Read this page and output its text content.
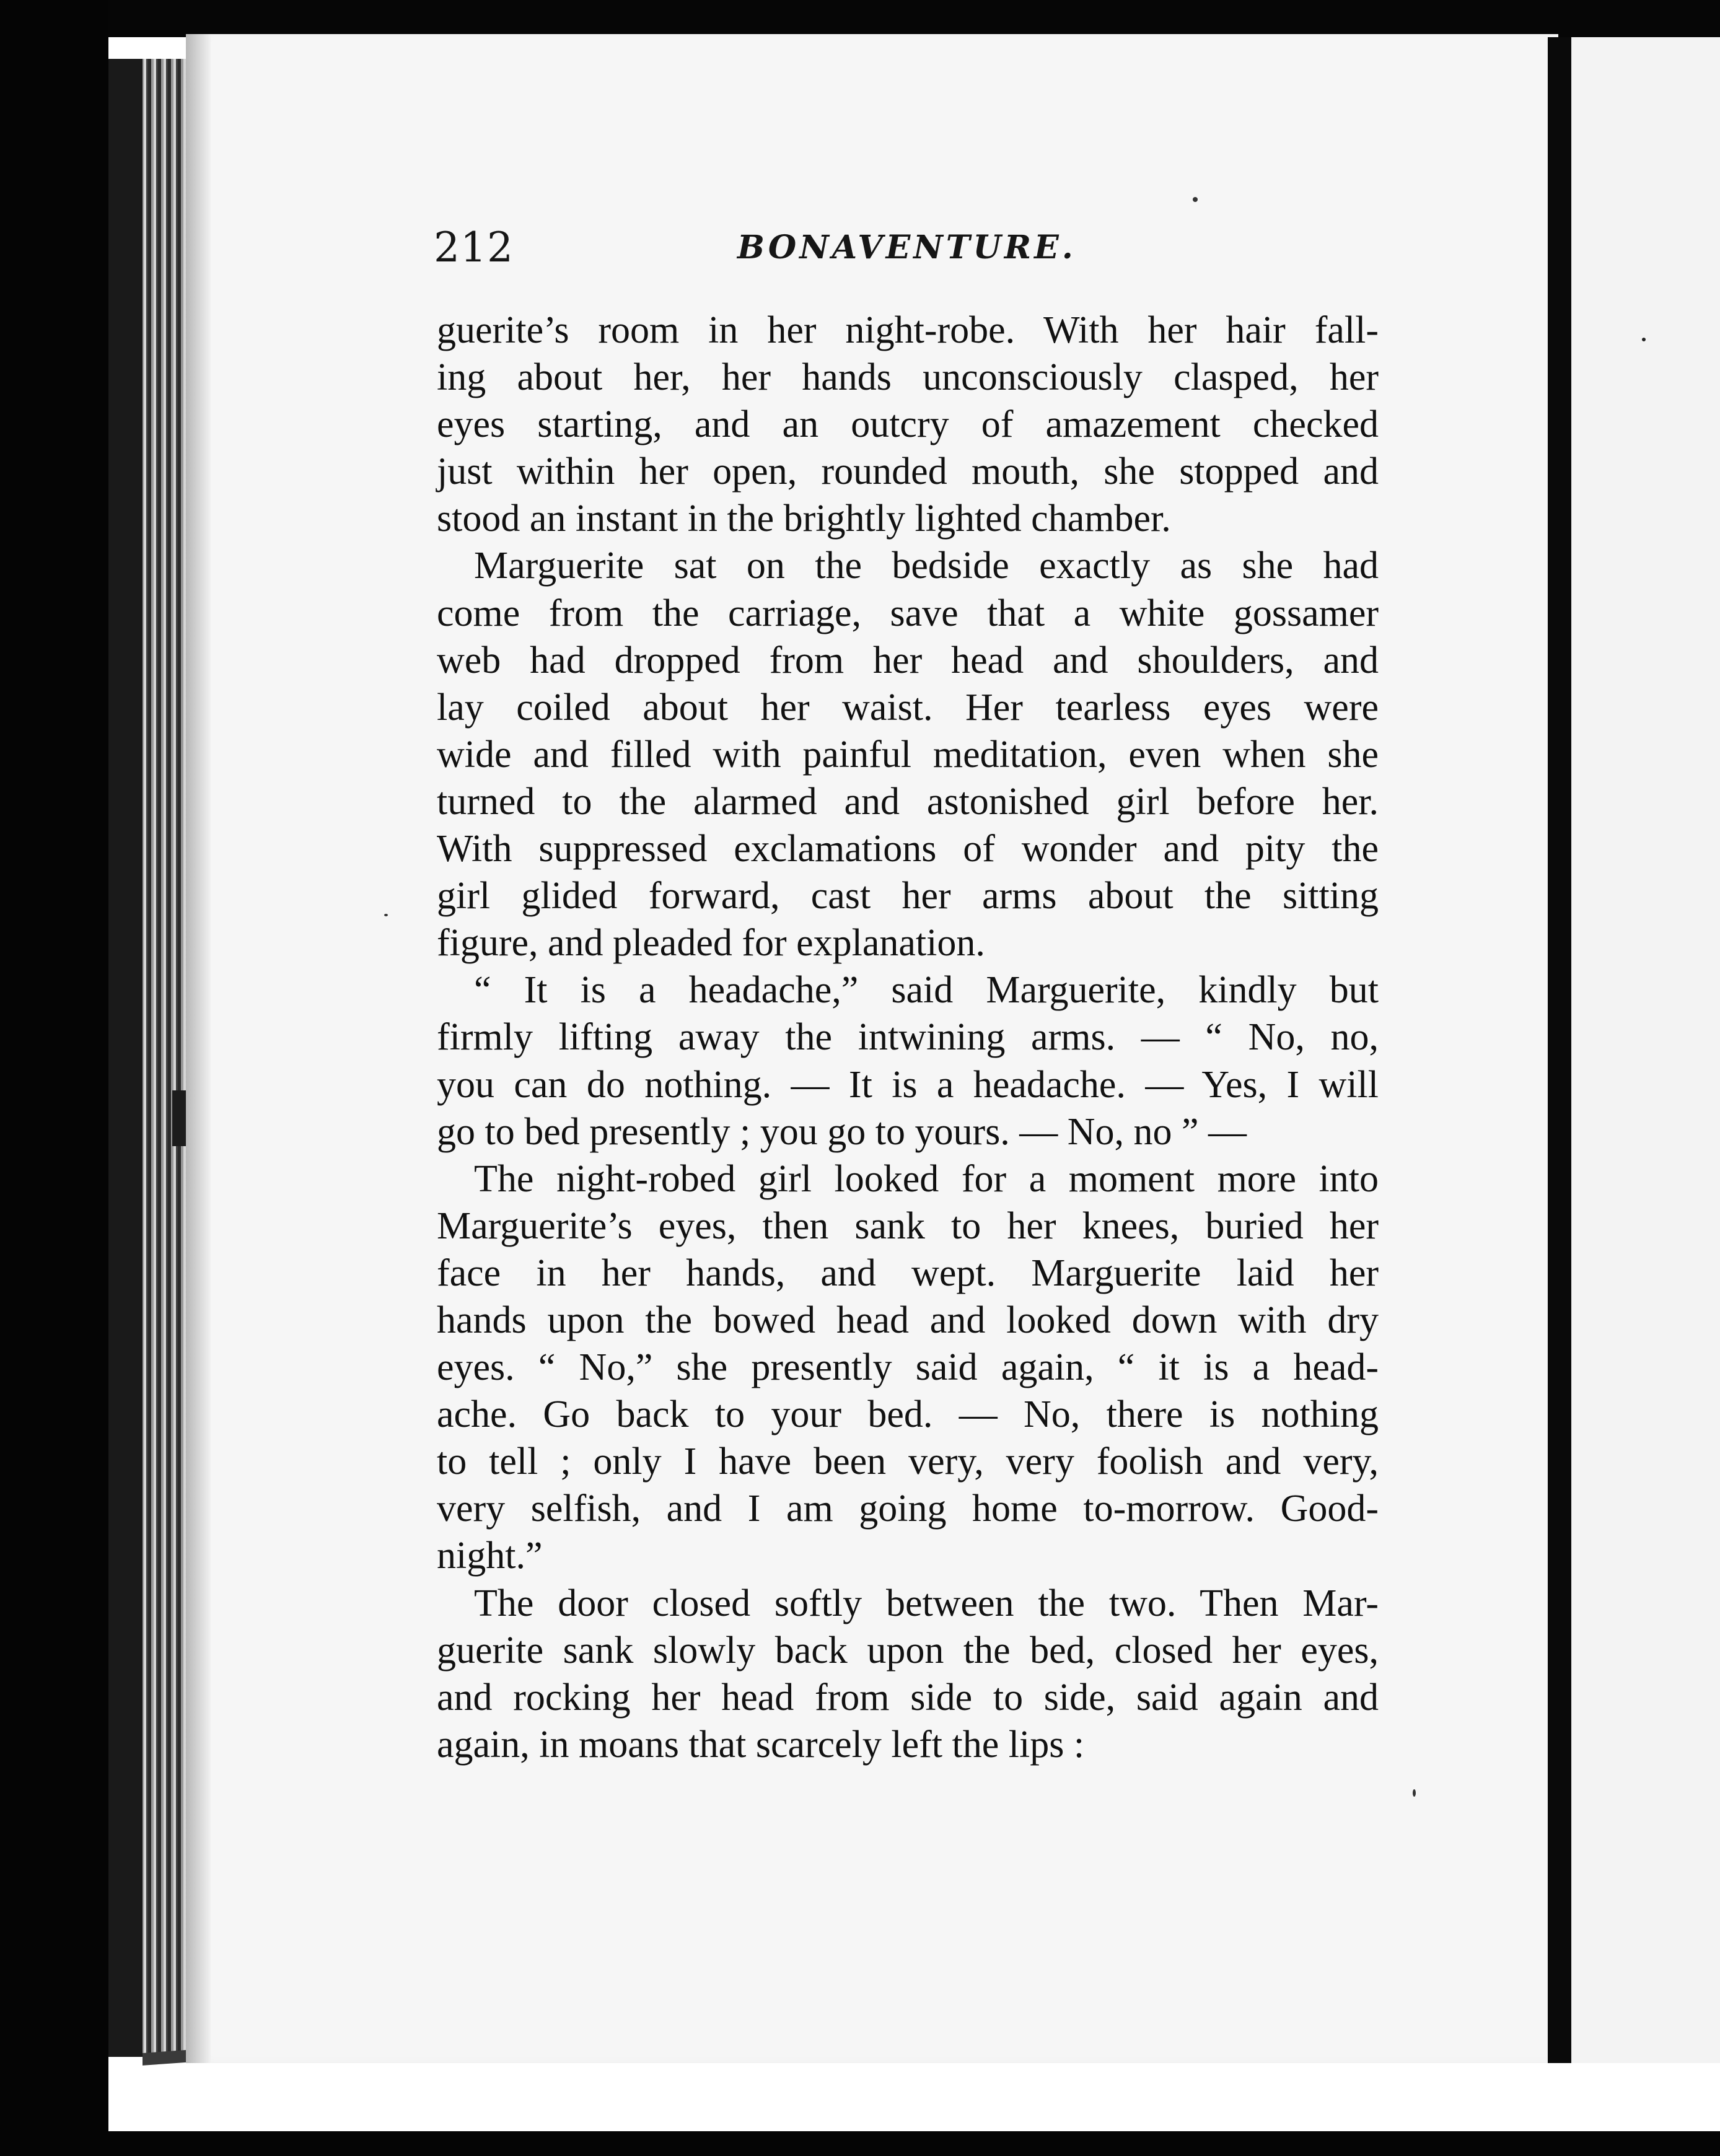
212	BONAVENTURE.
guerite’s room in her night-robe. With her hair fall-
ing about her, her hands unconsciously clasped, her
eyes starting, and an outcry of amazement checked
just within her open, rounded mouth, she stopped and
stood an instant in the brightly lighted chamber.
Marguerite sat on the bedside exactly as she had
come from the carriage, save that a white gossamer
web had dropped from her head and shoulders, and
lay coiled about her waist. Her tearless eyes were
wide and filled with painful meditation, even when she
turned to the alarmed and astonished girl before her.
With suppressed exclamations of wonder and pity the
girl glided forward, cast her arms about the sitting
figure, and pleaded for explanation.
“ It is a headache,” said Marguerite, kindly but
firmly lifting away the intwining arms. — “ No, no,
you can do nothing. — It is a headache. — Yes, I will
go to bed presently ; you go to yours. — No, no ” —
The night-robed girl looked for a moment more into
Marguerite’s eyes, then sank to her knees, buried her
face in her hands, and wept. Marguerite laid her
hands upon the bowed head and looked down with dry
eyes. “ No,” she presently said again, “ it is a head-
ache. Go back to your bed. — No, there is nothing
to tell ; only I have been very, very foolish and very,
very selfish, and I am going home to-morrow. Good-
night.”
The door closed softly between the two. Then Mar-
guerite sank slowly back upon the bed, closed her eyes,
and rocking her head from side to side, said again and
again, in moans that scarcely left the lips :
